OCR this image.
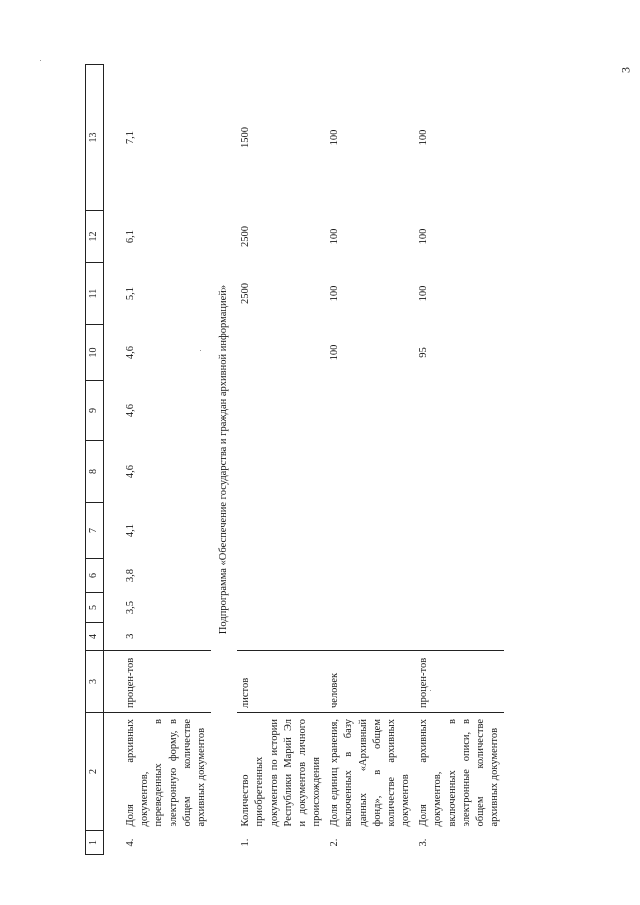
3
1	2	3	4	5	6	7	8	9	10	11	12	13
4.	Доля архивных документов, переведенных в электронную форму, в общем количестве архивных документов	процен-тов	3	3,5	3,8	4,1	4,6	4,6	4,6	5,1	6,1	7,1
Подпрограмма «Обеспечение государства и граждан архивной информацией»												
1.	Количество приобретенных документов по истории Республики Марий Эл и документов личного происхождения	листов								2500	2500	1500
2.	Доля единиц хранения, включенных в базу данных «Архивный фонд», в общем количестве архивных документов	человек							100	100	100	100
3.	Доля архивных документов, включенных в электронные описи, в общем количестве архивных документов	процен-тов							95	100	100	100
